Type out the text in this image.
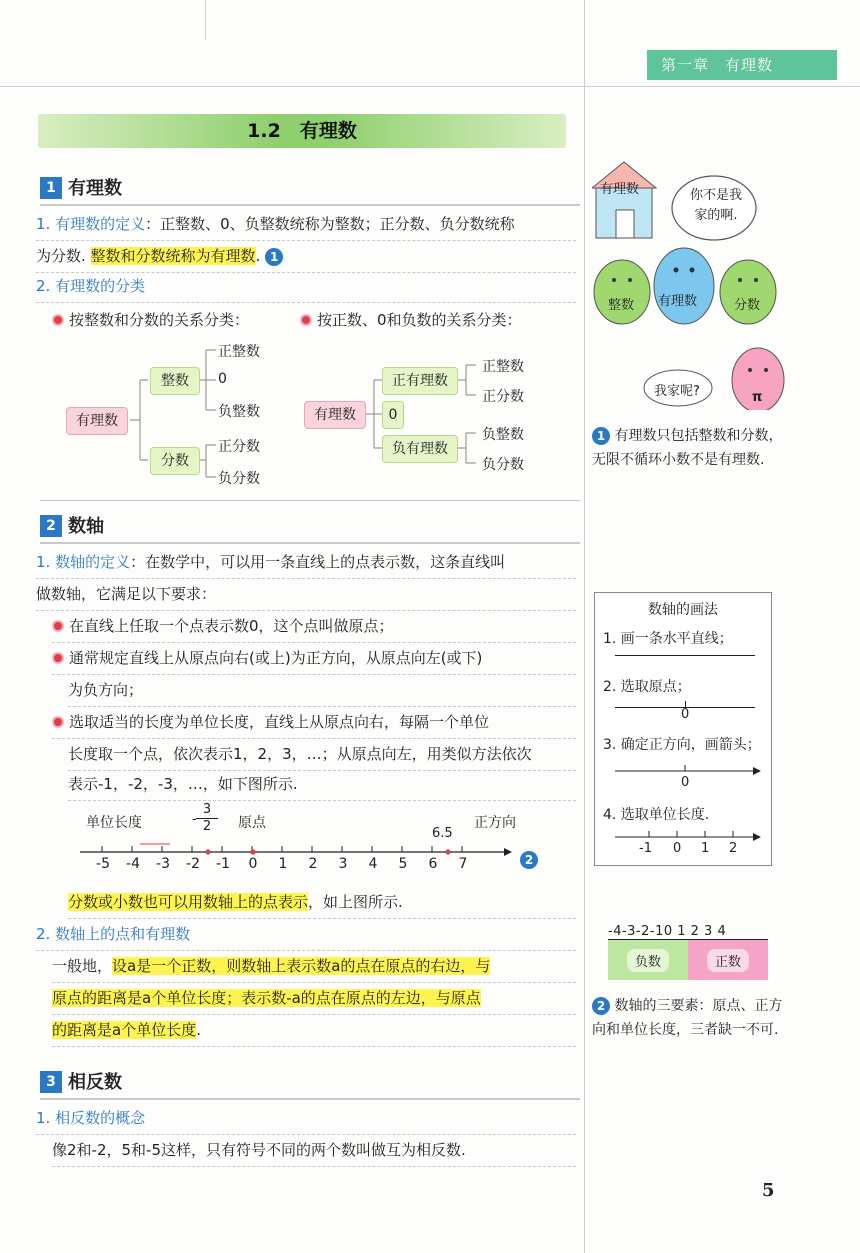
第一章　有理数
1.2　有理数
1 有理数
1. 有理数的定义：正整数、0、负整数统称为整数；正分数、负分数统称
为分数. 整数和分数统称为有理数. 1
2. 有理数的分类
按整数和分数的关系分类：	按正数、0和负数的关系分类：
有理数
整数
分数
正整数
0
负整数
正分数
负分数
有理数
正有理数
0
负有理数
正整数
正分数
负整数
负分数
有理数	你不是我家的啊.
整数 有理数	分数
我家呢?	π
1 有理数只包括整数和分数，无限不循环小数不是有理数.
2 数轴
1. 数轴的定义：在数学中，可以用一条直线上的点表示数，这条直线叫
做数轴，它满足以下要求：
在直线上任取一个点表示数0，这个点叫做原点；
通常规定直线上从原点向右(或上)为正方向，从原点向左(或下)
为负方向；
选取适当的长度为单位长度，直线上从原点向右，每隔一个单位
长度取一个点，依次表示1，2，3，…；从原点向左，用类似方法依次
表示-1，-2，-3，…，如下图所示.
单位长度	原点	正方向
-
3
2	6.5
-5 -4 -3 -2 -1	0	1	2	3	4	5	6	7	2
分数或小数也可以用数轴上的点表示，如上图所示.
2. 数轴上的点和有理数
一般地，设a是一个正数，则数轴上表示数a的点在原点的右边，与
原点的距离是a个单位长度；表示数-a的点在原点的左边，与原点
的距离是a个单位长度.
数轴的画法
1. 画一条水平直线；
2. 选取原点；
0
3. 确定正方向，画箭头；
0
4. 选取单位长度.
-1 0 1 2
-4-3-2-10 1 2 3 4
负数	正数
2 数轴的三要素：原点、正方向和单位长度，三者缺一不可.
3 相反数
1. 相反数的概念
像2和-2，5和-5这样，只有符号不同的两个数叫做互为相反数.
5
